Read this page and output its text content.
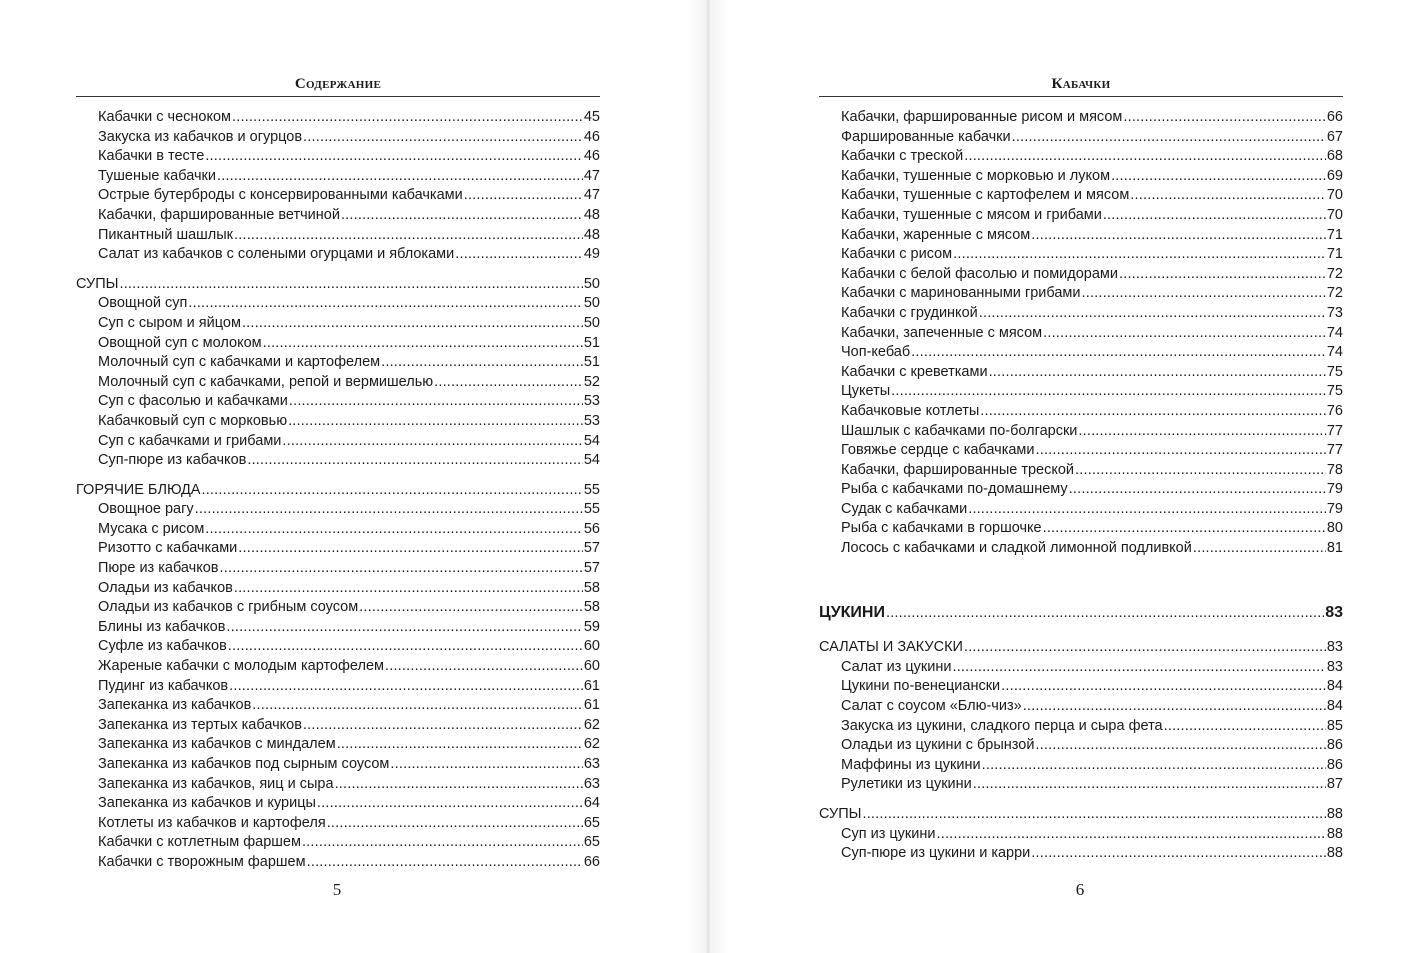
Содержание
Кабачки с чесноком .....	45
Закуска из кабачков и огурцов .....	46
Кабачки в тесте .....	46
Тушеные кабачки .....	47
Острые бутерброды с консервированными кабачками .....	47
Кабачки, фаршированные ветчиной .....	48
Пикантный шашлык .....	48
Салат из кабачков с солеными огурцами и яблоками .....	49
СУПЫ .....	50
Овощной суп .....	50
Суп с сыром и яйцом .....	50
Овощной суп с молоком .....	51
Молочный суп с кабачками и картофелем .....	51
Молочный суп с кабачками, репой и вермишелью .....	52
Суп с фасолью и кабачками .....	53
Кабачковый суп с морковью .....	53
Суп с кабачками и грибами .....	54
Суп-пюре из кабачков .....	54
ГОРЯЧИЕ БЛЮДА .....	55
Овощное рагу .....	55
Мусака с рисом .....	56
Ризотто с кабачками .....	57
Пюре из кабачков .....	57
Оладьи из кабачков .....	58
Оладьи из кабачков с грибным соусом .....	58
Блины из кабачков .....	59
Суфле из кабачков .....	60
Жареные кабачки с молодым картофелем .....	60
Пудинг из кабачков .....	61
Запеканка из кабачков .....	61
Запеканка из тертых кабачков .....	62
Запеканка из кабачков с миндалем .....	62
Запеканка из кабачков под сырным соусом .....	63
Запеканка из кабачков, яиц и сыра .....	63
Запеканка из кабачков и курицы .....	64
Котлеты из кабачков и картофеля .....	65
Кабачки с котлетным фаршем .....	65
Кабачки с творожным фаршем .....	66
5
Кабачки
Кабачки, фаршированные рисом и мясом .....	66
Фаршированные кабачки .....	67
Кабачки с треской .....	68
Кабачки, тушенные с морковью и луком .....	69
Кабачки, тушенные с картофелем и мясом .....	70
Кабачки, тушенные с мясом и грибами .....	70
Кабачки, жаренные с мясом .....	71
Кабачки с рисом .....	71
Кабачки с белой фасолью и помидорами .....	72
Кабачки с маринованными грибами .....	72
Кабачки с грудинкой .....	73
Кабачки, запеченные с мясом .....	74
Чоп-кебаб .....	74
Кабачки с креветками .....	75
Цукеты .....	75
Кабачковые котлеты .....	76
Шашлык с кабачками по-болгарски .....	77
Говяжье сердце с кабачками .....	77
Кабачки, фаршированные треской .....	78
Рыба с кабачками по-домашнему .....	79
Судак с кабачками .....	79
Рыба с кабачками в горшочке .....	80
Лосось с кабачками и сладкой лимонной подливкой .....	81
ЦУКИНИ .....	83
САЛАТЫ И ЗАКУСКИ .....	83
Салат из цукини .....	83
Цукини по-венециански .....	84
Салат с соусом «Блю-чиз» .....	84
Закуска из цукини, сладкого перца и сыра фета .....	85
Оладьи из цукини с брынзой .....	86
Маффины из цукини .....	86
Рулетики из цукини .....	87
СУПЫ .....	88
Суп из цукини .....	88
Суп-пюре из цукини и карри .....	88
6
